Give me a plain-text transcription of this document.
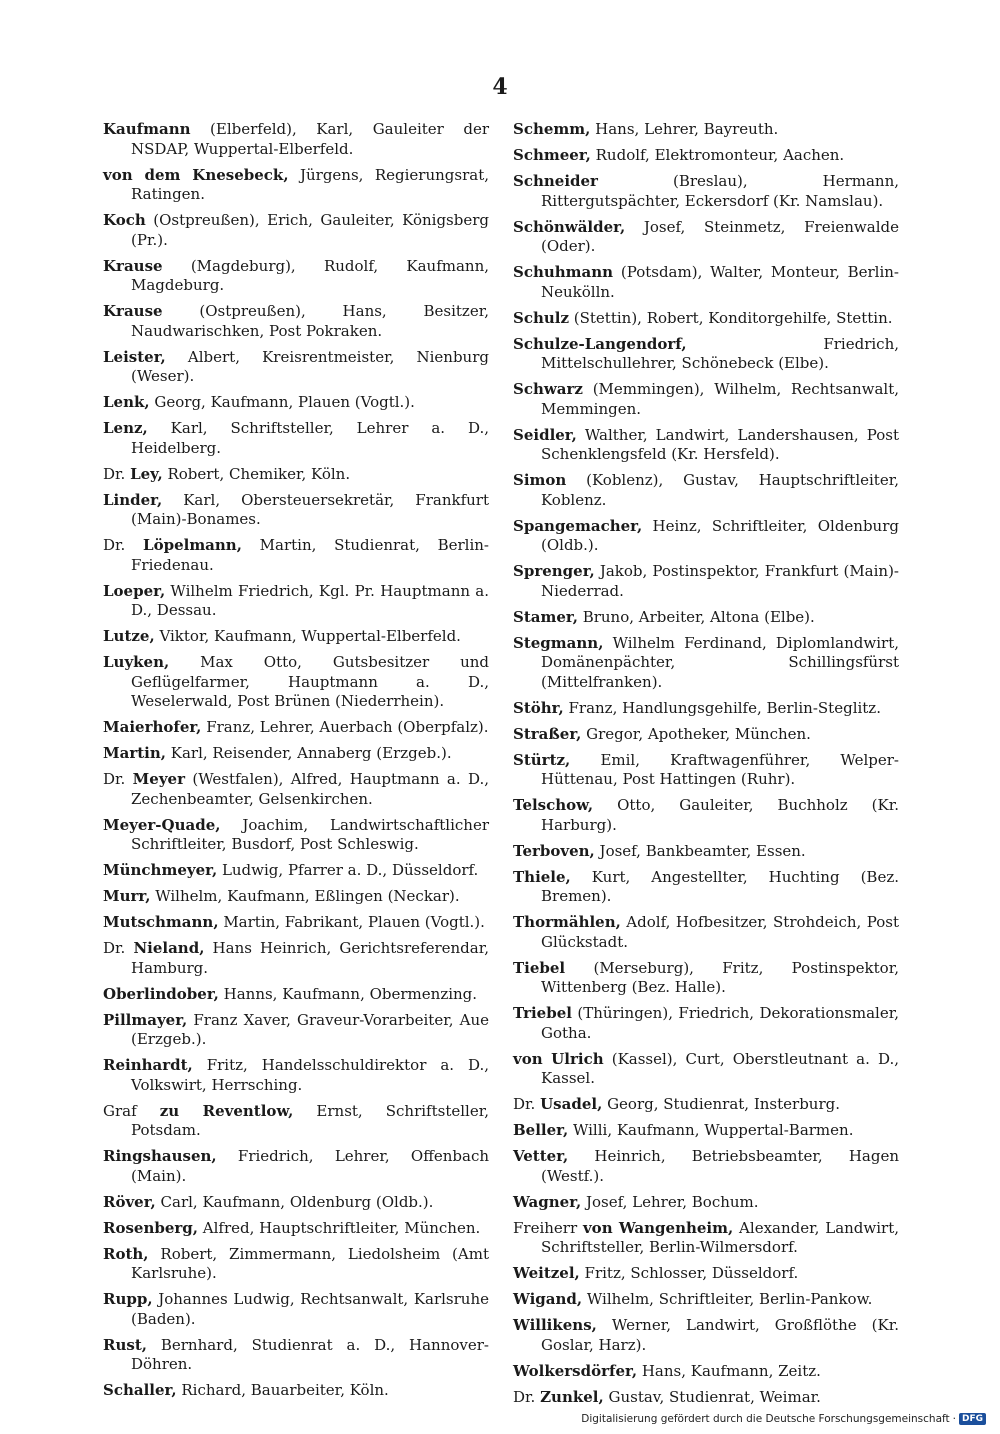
4

Kaufmann (Elberfeld), Karl, Gauleiter der NSDAP, Wuppertal-Elberfeld.

von dem Knesebeck, Jürgens, Regierungsrat, Ratingen.

Koch (Ostpreußen), Erich, Gauleiter, Königsberg (Pr.).

Krause (Magdeburg), Rudolf, Kaufmann, Magdeburg.

Krause (Ostpreußen), Hans, Besitzer, Naudwarischken, Post Pokraken.

Leister, Albert, Kreisrentmeister, Nienburg (Weser).

Lenk, Georg, Kaufmann, Plauen (Vogtl.).

Lenz, Karl, Schriftsteller, Lehrer a. D., Heidelberg.

Dr. Ley, Robert, Chemiker, Köln.

Linder, Karl, Obersteuersekretär, Frankfurt (Main)-Bonames.

Dr. Löpelmann, Martin, Studienrat, Berlin-Friedenau.

Loeper, Wilhelm Friedrich, Kgl. Pr. Hauptmann a. D., Dessau.

Lutze, Viktor, Kaufmann, Wuppertal-Elberfeld.

Luyken, Max Otto, Gutsbesitzer und Geflügelfarmer, Hauptmann a. D., Weselerwald, Post Brünen (Niederrhein).

Maierhofer, Franz, Lehrer, Auerbach (Oberpfalz).

Martin, Karl, Reisender, Annaberg (Erzgeb.).

Dr. Meyer (Westfalen), Alfred, Hauptmann a. D., Zechenbeamter, Gelsenkirchen.

Meyer-Quade, Joachim, Landwirtschaftlicher Schriftleiter, Busdorf, Post Schleswig.

Münchmeyer, Ludwig, Pfarrer a. D., Düsseldorf.

Murr, Wilhelm, Kaufmann, Eßlingen (Neckar).

Mutschmann, Martin, Fabrikant, Plauen (Vogtl.).

Dr. Nieland, Hans Heinrich, Gerichtsreferendar, Hamburg.

Oberlindober, Hanns, Kaufmann, Obermenzing.

Pillmayer, Franz Xaver, Graveur-Vorarbeiter, Aue (Erzgeb.).

Reinhardt, Fritz, Handelsschuldirektor a. D., Volkswirt, Herrsching.

Graf zu Reventlow, Ernst, Schriftsteller, Potsdam.

Ringshausen, Friedrich, Lehrer, Offenbach (Main).

Röver, Carl, Kaufmann, Oldenburg (Oldb.).

Rosenberg, Alfred, Hauptschriftleiter, München.

Roth, Robert, Zimmermann, Liedolsheim (Amt Karlsruhe).

Rupp, Johannes Ludwig, Rechtsanwalt, Karlsruhe (Baden).

Rust, Bernhard, Studienrat a. D., Hannover-Döhren.

Schaller, Richard, Bauarbeiter, Köln.

Schemm, Hans, Lehrer, Bayreuth.

Schmeer, Rudolf, Elektromonteur, Aachen.

Schneider (Breslau), Hermann, Rittergutspächter, Eckersdorf (Kr. Namslau).

Schönwälder, Josef, Steinmetz, Freienwalde (Oder).

Schuhmann (Potsdam), Walter, Monteur, Berlin-Neukölln.

Schulz (Stettin), Robert, Konditorgehilfe, Stettin.

Schulze-Langendorf, Friedrich, Mittelschullehrer, Schönebeck (Elbe).

Schwarz (Memmingen), Wilhelm, Rechtsanwalt, Memmingen.

Seidler, Walther, Landwirt, Landershausen, Post Schenklengsfeld (Kr. Hersfeld).

Simon (Koblenz), Gustav, Hauptschriftleiter, Koblenz.

Spangemacher, Heinz, Schriftleiter, Oldenburg (Oldb.).

Sprenger, Jakob, Postinspektor, Frankfurt (Main)-Niederrad.

Stamer, Bruno, Arbeiter, Altona (Elbe).

Stegmann, Wilhelm Ferdinand, Diplomlandwirt, Domänenpächter, Schillingsfürst (Mittelfranken).

Stöhr, Franz, Handlungsgehilfe, Berlin-Steglitz.

Straßer, Gregor, Apotheker, München.

Stürtz, Emil, Kraftwagenführer, Welper-Hüttenau, Post Hattingen (Ruhr).

Telschow, Otto, Gauleiter, Buchholz (Kr. Harburg).

Terboven, Josef, Bankbeamter, Essen.

Thiele, Kurt, Angestellter, Huchting (Bez. Bremen).

Thormählen, Adolf, Hofbesitzer, Strohdeich, Post Glückstadt.

Tiebel (Merseburg), Fritz, Postinspektor, Wittenberg (Bez. Halle).

Triebel (Thüringen), Friedrich, Dekorationsmaler, Gotha.

von Ulrich (Kassel), Curt, Oberstleutnant a. D., Kassel.

Dr. Usadel, Georg, Studienrat, Insterburg.

Beller, Willi, Kaufmann, Wuppertal-Barmen.

Vetter, Heinrich, Betriebsbeamter, Hagen (Westf.).

Wagner, Josef, Lehrer, Bochum.

Freiherr von Wangenheim, Alexander, Landwirt, Schriftsteller, Berlin-Wilmersdorf.

Weitzel, Fritz, Schlosser, Düsseldorf.

Wigand, Wilhelm, Schriftleiter, Berlin-Pankow.

Willikens, Werner, Landwirt, Großflöthe (Kr. Goslar, Harz).

Wolkersdörfer, Hans, Kaufmann, Zeitz.

Dr. Zunkel, Gustav, Studienrat, Weimar.

Digitalisierung gefördert durch die Deutsche Forschungsgemeinschaft · DFG
